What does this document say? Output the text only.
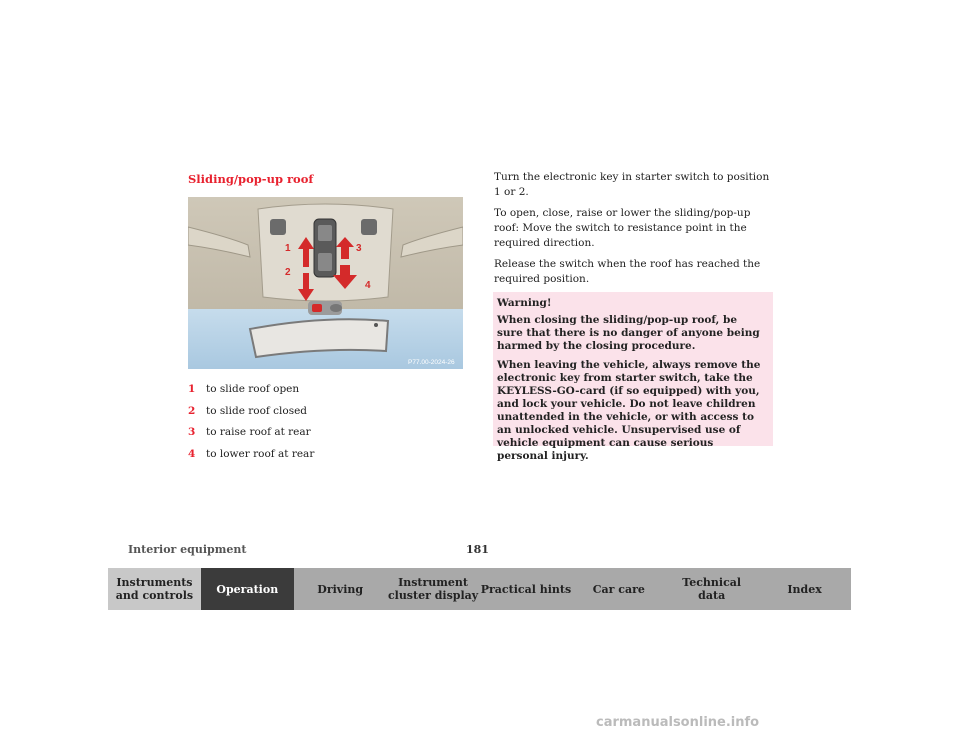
Sliding/pop-up roof
1
2
3
4
P77.00-2024-26
1	to slide roof open
2	to slide roof closed
3	to raise roof at rear
4	to lower roof at rear

Turn the electronic key in starter switch to position 1 or 2.

To open, close, raise or lower the sliding/pop-up roof: Move the switch to resistance point in the required direction.

Release the switch when the roof has reached the required position.

Warning!

When closing the sliding/pop-up roof, be sure that there is no danger of anyone being harmed by the closing procedure.

When leaving the vehicle, always remove the electronic key from starter switch, take the KEYLESS-GO-card (if so equipped) with you, and lock your vehicle. Do not leave children unattended in the vehicle, or with access to an unlocked vehicle. Unsupervised use of vehicle equipment can cause serious personal injury.

Interior equipment	181
Instruments
and controls	Operation	Driving	Instrument
cluster display Practical hints	Car care	Technical
data	Index
carmanualsonline.info
